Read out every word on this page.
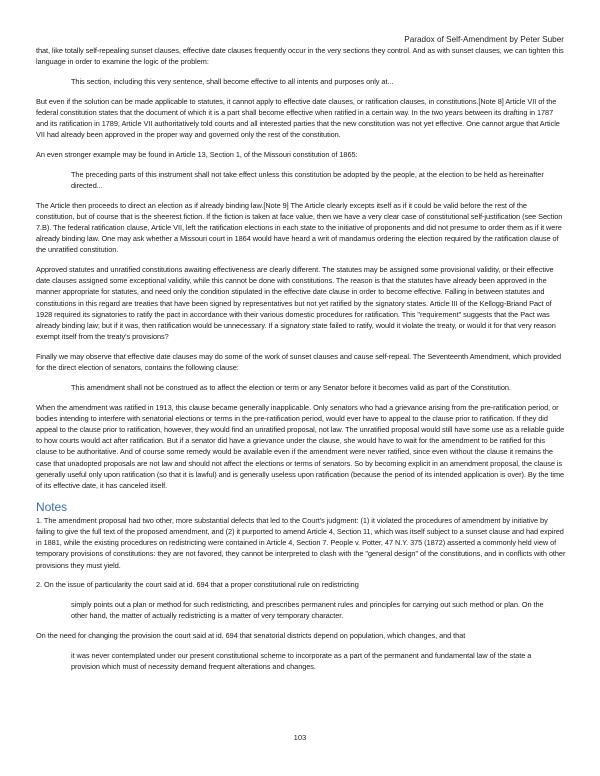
Paradox of Self-Amendment by Peter Suber

that, like totally self-repealing sunset clauses, effective date clauses frequently occur in the very sections they control. And as with sunset clauses, we can tighten this language in order to examine the logic of the problem:

This section, including this very sentence, shall become effective to all intents and purposes only at...

But even if the solution can be made applicable to statutes, it cannot apply to effective date clauses, or ratification clauses, in constitutions.[Note 8] Article VII of the federal constitution states that the document of which it is a part shall become effective when ratified in a certain way. In the two years between its drafting in 1787 and its ratification in 1789, Article VII authoritatively told courts and all interested parties that the new constitution was not yet effective. One cannot argue that Article VII had already been approved in the proper way and governed only the rest of the constitution.

An even stronger example may be found in Article 13, Section 1, of the Missouri constitution of 1865:

The preceding parts of this instrument shall not take effect unless this constitution be adopted by the people, at the election to be held as hereinafter directed...

The Article then proceeds to direct an election as if already binding law.[Note 9] The Article clearly excepts itself as if it could be valid before the rest of the constitution, but of course that is the sheerest fiction. If the fiction is taken at face value, then we have a very clear case of constitutional self-justification (see Section 7.B). The federal ratification clause, Article VII, left the ratification elections in each state to the initiative of proponents and did not presume to order them as if it were already binding law. One may ask whether a Missouri court in 1864 would have heard a writ of mandamus ordering the election required by the ratification clause of the unratified constitution.

Approved statutes and unratified constitutions awaiting effectiveness are clearly different. The statutes may be assigned some provisional validity, or their effective date clauses assigned some exceptional validity, while this cannot be done with constitutions. The reason is that the statutes have already been approved in the manner appropriate for statutes, and need only the condition stipulated in the effective date clause in order to become effective. Falling in between statutes and constitutions in this regard are treaties that have been signed by representatives but not yet ratified by the signatory states. Article III of the Kellogg-Briand Pact of 1928 required its signatories to ratify the pact in accordance with their various domestic procedures for ratification. This "requirement" suggests that the Pact was already binding law; but if it was, then ratification would be unnecessary. If a signatory state failed to ratify, would it violate the treaty, or would it for that very reason exempt itself from the treaty's provisions?

Finally we may observe that effective date clauses may do some of the work of sunset clauses and cause self-repeal. The Seventeenth Amendment, which provided for the direct election of senators, contains the following clause:

This amendment shall not be construed as to affect the election or term or any Senator before it becomes valid as part of the Constitution.

When the amendment was ratified in 1913, this clause became generally inapplicable. Only senators who had a grievance arising from the pre-ratification period, or bodies intending to interfere with senatorial elections or terms in the pre-ratification period, would ever have to appeal to the clause prior to ratification. If they did appeal to the clause prior to ratification, however, they would find an unratified proposal, not law. The unratified proposal would still have some use as a reliable guide to how courts would act after ratification. But if a senator did have a grievance under the clause, she would have to wait for the amendment to be ratified for this clause to be authoritative. And of course some remedy would be available even if the amendment were never ratified, since even without the clause it remains the case that unadopted proposals are not law and should not affect the elections or terms of senators. So by becoming explicit in an amendment proposal, the clause is generally useful only upon ratification (so that it is lawful) and is generally useless upon ratification (because the period of its intended application is over). By the time of its effective date, it has canceled itself.

Notes

1. The amendment proposal had two other, more substantial defects that led to the Court's judgment: (1) it violated the procedures of amendment by initiative by failing to give the full text of the proposed amendment, and (2) it purported to amend Article 4, Section 11, which was itself subject to a sunset clause and had expired in 1881, while the existing procedures on redistricting were contained in Article 4, Section 7. People v. Potter, 47 N.Y. 375 (1872) asserted a commonly held view of temporary provisions of constitutions: they are not favored, they cannot be interpreted to clash with the "general design" of the constitutions, and in conflicts with other provisions they must yield.

2. On the issue of particularity the court said at id. 694 that a proper constitutional rule on redistricting

simply points out a plan or method for such redistricting, and prescribes permanent rules and principles for carrying out such method or plan. On the other hand, the matter of actually redistricting is a matter of very temporary character.

On the need for changing the provision the court said at id. 694 that senatorial districts depend on population, which changes, and that

it was never contemplated under our present constitutional scheme to incorporate as a part of the permanent and fundamental law of the state a provision which must of necessity demand frequent alterations and changes.

103
